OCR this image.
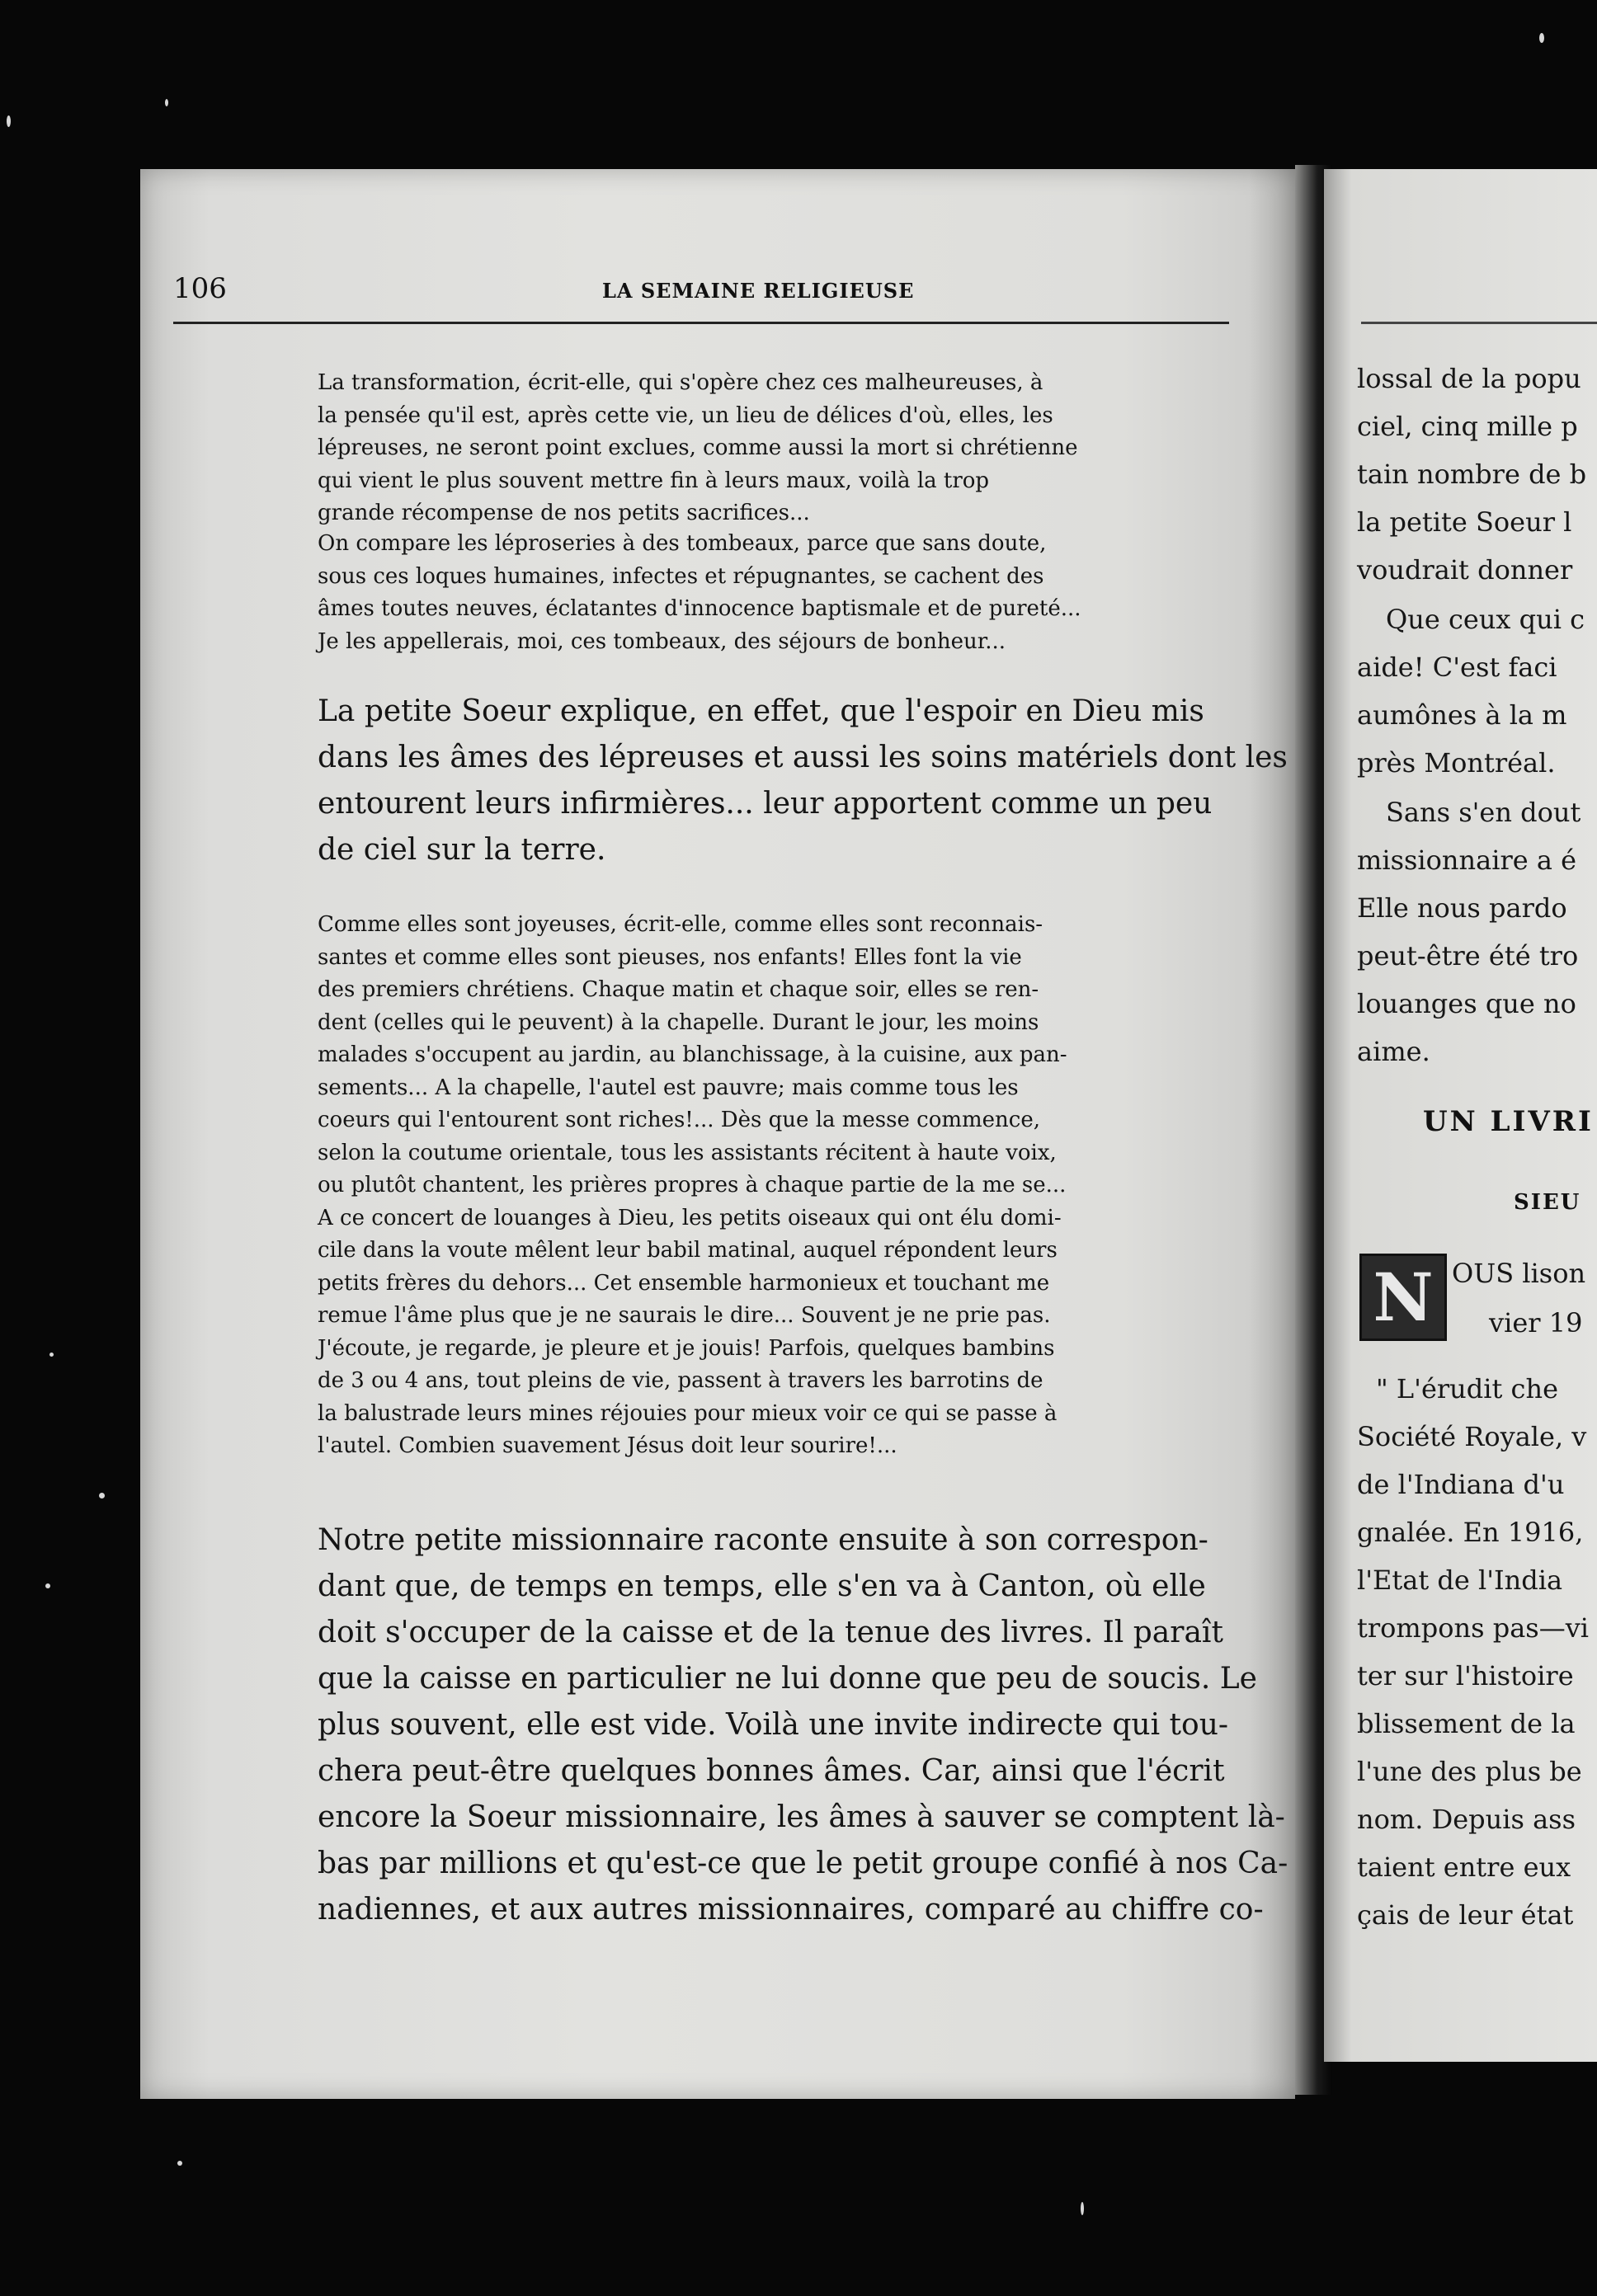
106	LA SEMAINE RELIGIEUSE
La transformation, écrit-elle, qui s'opère chez ces malheureuses, à
la pensée qu'il est, après cette vie, un lieu de délices d'où, elles, les
lépreuses, ne seront point exclues, comme aussi la mort si chrétienne
qui vient le plus souvent mettre fin à leurs maux, voilà la trop
grande récompense de nos petits sacrifices...
On compare les léproseries à des tombeaux, parce que sans doute,
sous ces loques humaines, infectes et répugnantes, se cachent des
âmes toutes neuves, éclatantes d'innocence baptismale et de pureté...
Je les appellerais, moi, ces tombeaux, des séjours de bonheur...
La petite Soeur explique, en effet, que l'espoir en Dieu mis
dans les âmes des lépreuses et aussi les soins matériels dont les
entourent leurs infirmières... leur apportent comme un peu
de ciel sur la terre.
Comme elles sont joyeuses, écrit-elle, comme elles sont reconnais-
santes et comme elles sont pieuses, nos enfants! Elles font la vie
des premiers chrétiens. Chaque matin et chaque soir, elles se ren-
dent (celles qui le peuvent) à la chapelle. Durant le jour, les moins
malades s'occupent au jardin, au blanchissage, à la cuisine, aux pan-
sements... A la chapelle, l'autel est pauvre; mais comme tous les
coeurs qui l'entourent sont riches!... Dès que la messe commence,
selon la coutume orientale, tous les assistants récitent à haute voix,
ou plutôt chantent, les prières propres à chaque partie de la me se...
A ce concert de louanges à Dieu, les petits oiseaux qui ont élu domi-
cile dans la voute mêlent leur babil matinal, auquel répondent leurs
petits frères du dehors... Cet ensemble harmonieux et touchant me
remue l'âme plus que je ne saurais le dire... Souvent je ne prie pas.
J'écoute, je regarde, je pleure et je jouis! Parfois, quelques bambins
de 3 ou 4 ans, tout pleins de vie, passent à travers les barrotins de
la balustrade leurs mines réjouies pour mieux voir ce qui se passe à
l'autel. Combien suavement Jésus doit leur sourire!...
Notre petite missionnaire raconte ensuite à son correspon-
dant que, de temps en temps, elle s'en va à Canton, où elle
doit s'occuper de la caisse et de la tenue des livres. Il paraît
que la caisse en particulier ne lui donne que peu de soucis. Le
plus souvent, elle est vide. Voilà une invite indirecte qui tou-
chera peut-être quelques bonnes âmes. Car, ainsi que l'écrit
encore la Soeur missionnaire, les âmes à sauver se comptent là-
bas par millions et qu'est-ce que le petit groupe confié à nos Ca-
nadiennes, et aux autres missionnaires, comparé au chiffre co-
lossal de la popu
ciel, cinq mille p
tain nombre de b
la petite Soeur l
voudrait donner
Que ceux qui c
aide! C'est faci
aumônes à la m
près Montréal.
Sans s'en dout
missionnaire a é
Elle nous pardo
peut-être été tro
louanges que no
aime.
UN LIVRI
SIEU
N OUS lison
vier 19
" L'érudit che
Société Royale, v
de l'Indiana d'u
gnalée. En 1916,
l'Etat de l'India
trompons pas—vi
ter sur l'histoire
blissement de la
l'une des plus be
nom. Depuis ass
taient entre eux
çais de leur état
